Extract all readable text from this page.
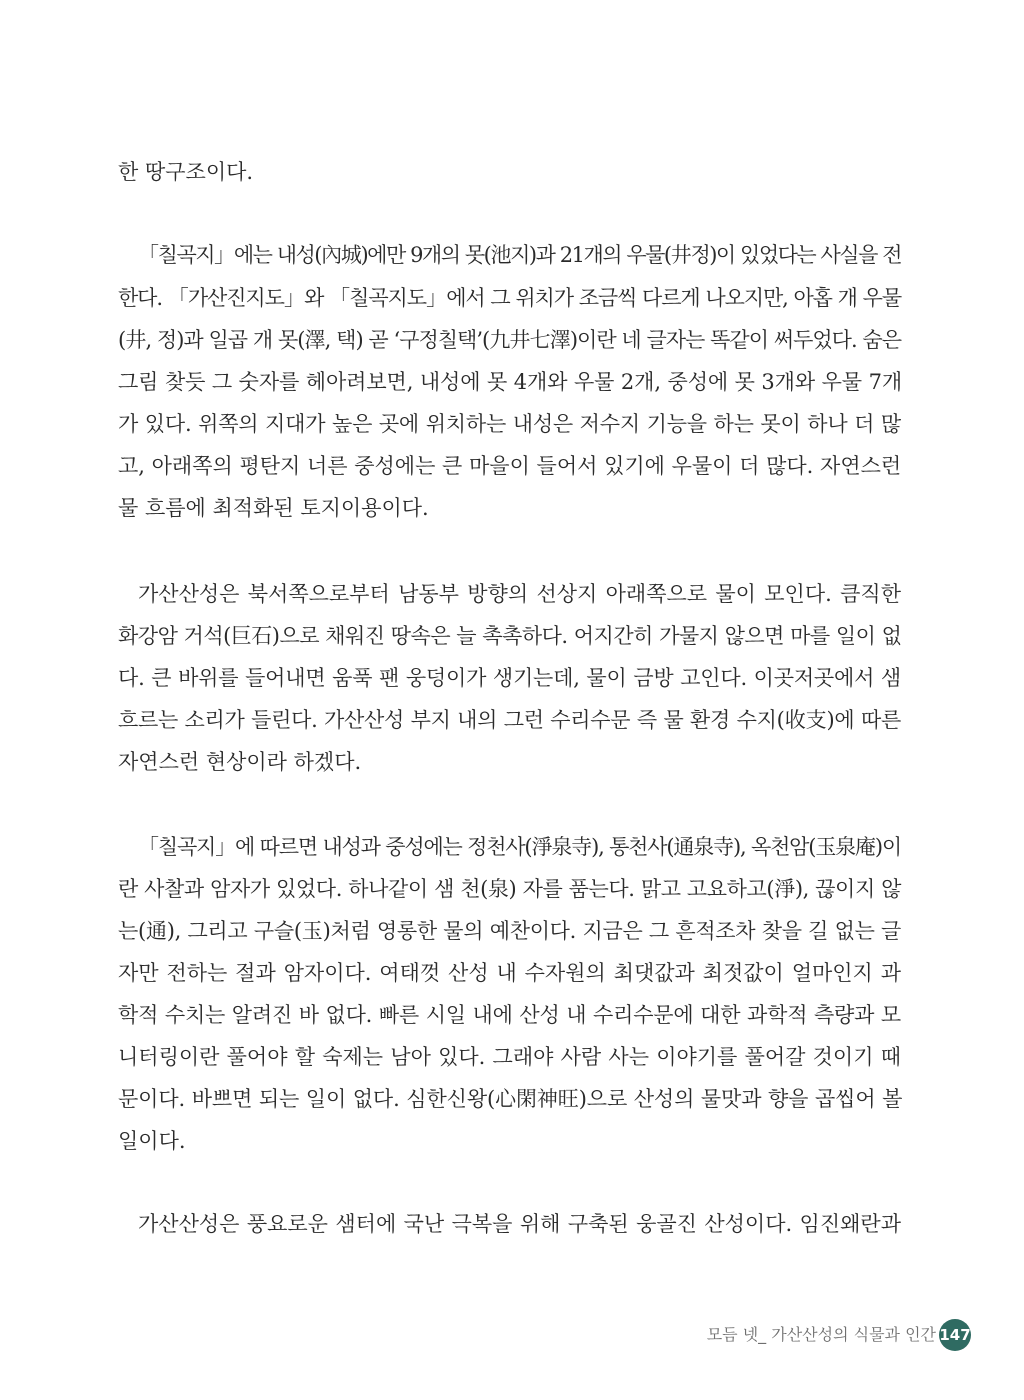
한 땅구조이다.
「칠곡지」에는 내성(內城)에만 9개의 못(池지)과 21개의 우물(井정)이 있었다는 사실을 전
한다. 「가산진지도」와 「칠곡지도」에서 그 위치가 조금씩 다르게 나오지만, 아홉 개 우물
(井, 정)과 일곱 개 못(澤, 택) 곧 ‘구정칠택’(九井七澤)이란 네 글자는 똑같이 써두었다. 숨은
그림 찾듯 그 숫자를 헤아려보면, 내성에 못 4개와 우물 2개, 중성에 못 3개와 우물 7개
가 있다. 위쪽의 지대가 높은 곳에 위치하는 내성은 저수지 기능을 하는 못이 하나 더 많
고, 아래쪽의 평탄지 너른 중성에는 큰 마을이 들어서 있기에 우물이 더 많다. 자연스런
물 흐름에 최적화된 토지이용이다.
가산산성은 북서쪽으로부터 남동부 방향의 선상지 아래쪽으로 물이 모인다. 큼직한
화강암 거석(巨石)으로 채워진 땅속은 늘 촉촉하다. 어지간히 가물지 않으면 마를 일이 없
다. 큰 바위를 들어내면 움푹 팬 웅덩이가 생기는데, 물이 금방 고인다. 이곳저곳에서 샘
흐르는 소리가 들린다. 가산산성 부지 내의 그런 수리수문 즉 물 환경 수지(收支)에 따른
자연스런 현상이라 하겠다.
「칠곡지」에 따르면 내성과 중성에는 정천사(淨泉寺), 통천사(通泉寺), 옥천암(玉泉庵)이
란 사찰과 암자가 있었다. 하나같이 샘 천(泉) 자를 품는다. 맑고 고요하고(淨), 끊이지 않
는(通), 그리고 구슬(玉)처럼 영롱한 물의 예찬이다. 지금은 그 흔적조차 찾을 길 없는 글
자만 전하는 절과 암자이다. 여태껏 산성 내 수자원의 최댓값과 최젓값이 얼마인지 과
학적 수치는 알려진 바 없다. 빠른 시일 내에 산성 내 수리수문에 대한 과학적 측량과 모
니터링이란 풀어야 할 숙제는 남아 있다. 그래야 사람 사는 이야기를 풀어갈 것이기 때
문이다. 바쁘면 되는 일이 없다. 심한신왕(心閑神旺)으로 산성의 물맛과 향을 곱씹어 볼
일이다.
가산산성은 풍요로운 샘터에 국난 극복을 위해 구축된 웅골진 산성이다. 임진왜란과
모듬 넷_ 가산산성의 식물과 인간 147
